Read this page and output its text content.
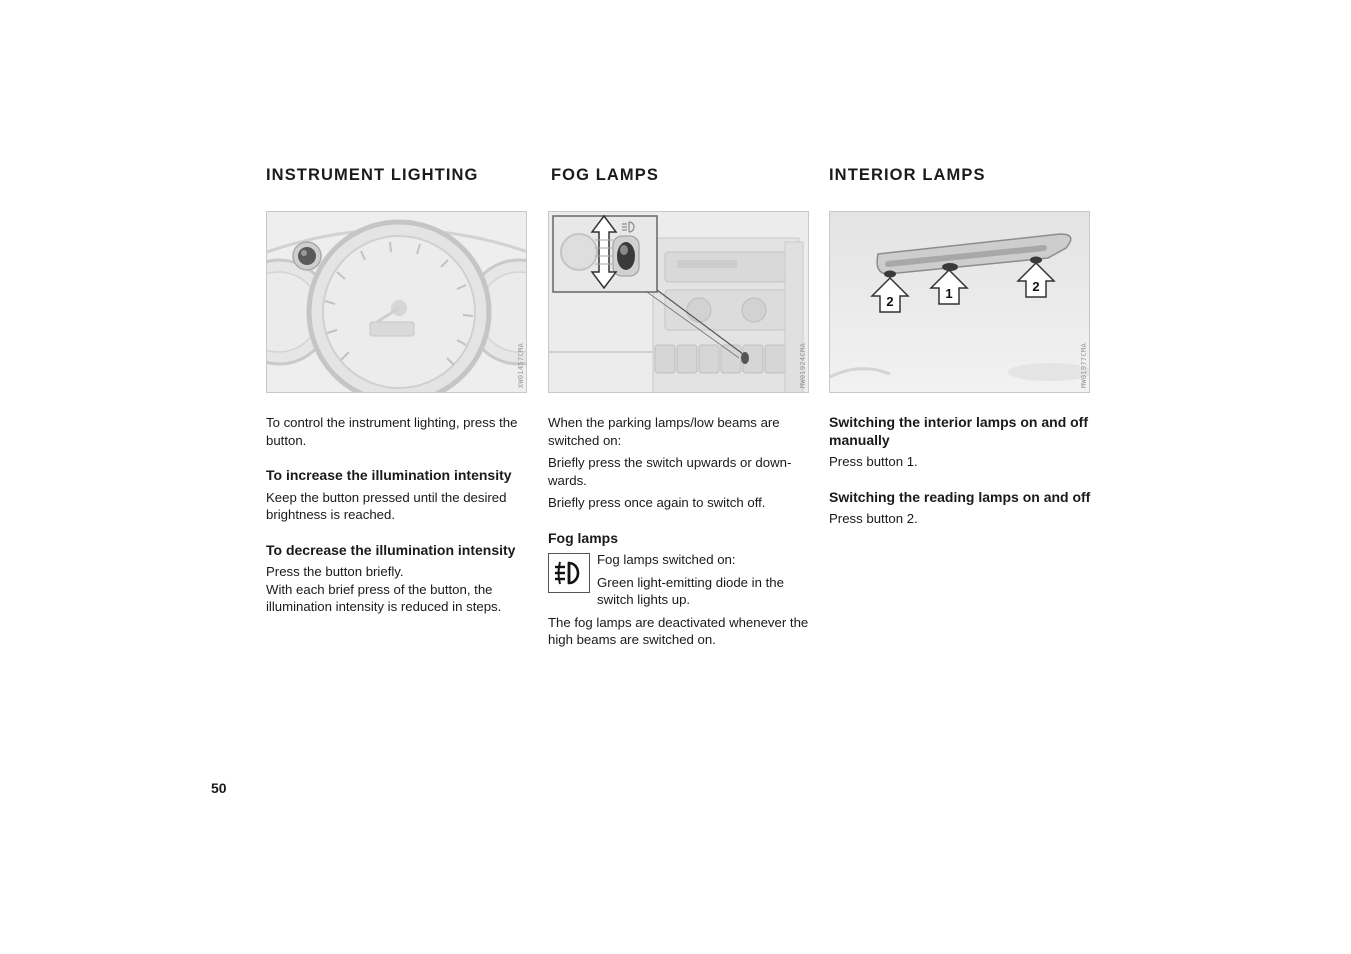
INSTRUMENT LIGHTING
XW01457CMA

To control the instrument lighting, press the button.

To increase the illumination intensity

Keep the button pressed until the desired brightness is reached.

To decrease the illumination intensity

Press the button briefly.

With each brief press of the button, the illumination intensity is reduced in steps.

FOG LAMPS
MW01924CMA

When the parking lamps/low beams are switched on:

Briefly press the switch upwards or down-wards.

Briefly press once again to switch off.

Fog lamps

Fog lamps switched on:

Green light-emitting diode in the switch lights up.

The fog lamps are deactivated whenever the high beams are switched on.

INTERIOR LAMPS
2
1	2
MW01977CMA
Switching the interior lamps on and off manually

Press button 1.

Switching the reading lamps on and off

Press button 2.

50
